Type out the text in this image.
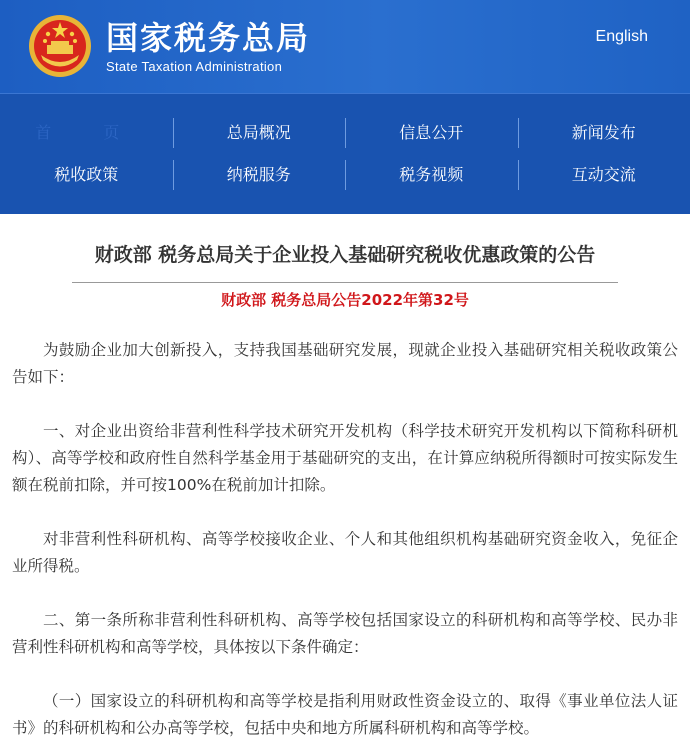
国家税务总局
State Taxation Administration
English
首　页	总局概况	信息公开	新闻发布
税收政策	纳税服务	税务视频	互动交流
财政部 税务总局关于企业投入基础研究税收优惠政策的公告
财政部 税务总局公告2022年第32号

为鼓励企业加大创新投入，支持我国基础研究发展，现就企业投入基础研究相关税收政策公告如下：

一、对企业出资给非营利性科学技术研究开发机构（科学技术研究开发机构以下简称科研机构）、高等学校和政府性自然科学基金用于基础研究的支出，在计算应纳税所得额时可按实际发生额在税前扣除，并可按100%在税前加计扣除。

对非营利性科研机构、高等学校接收企业、个人和其他组织机构基础研究资金收入，免征企业所得税。

二、第一条所称非营利性科研机构、高等学校包括国家设立的科研机构和高等学校、民办非营利性科研机构和高等学校，具体按以下条件确定：

（一）国家设立的科研机构和高等学校是指利用财政性资金设立的、取得《事业单位法人证书》的科研机构和公办高等学校，包括中央和地方所属科研机构和高等学校。
